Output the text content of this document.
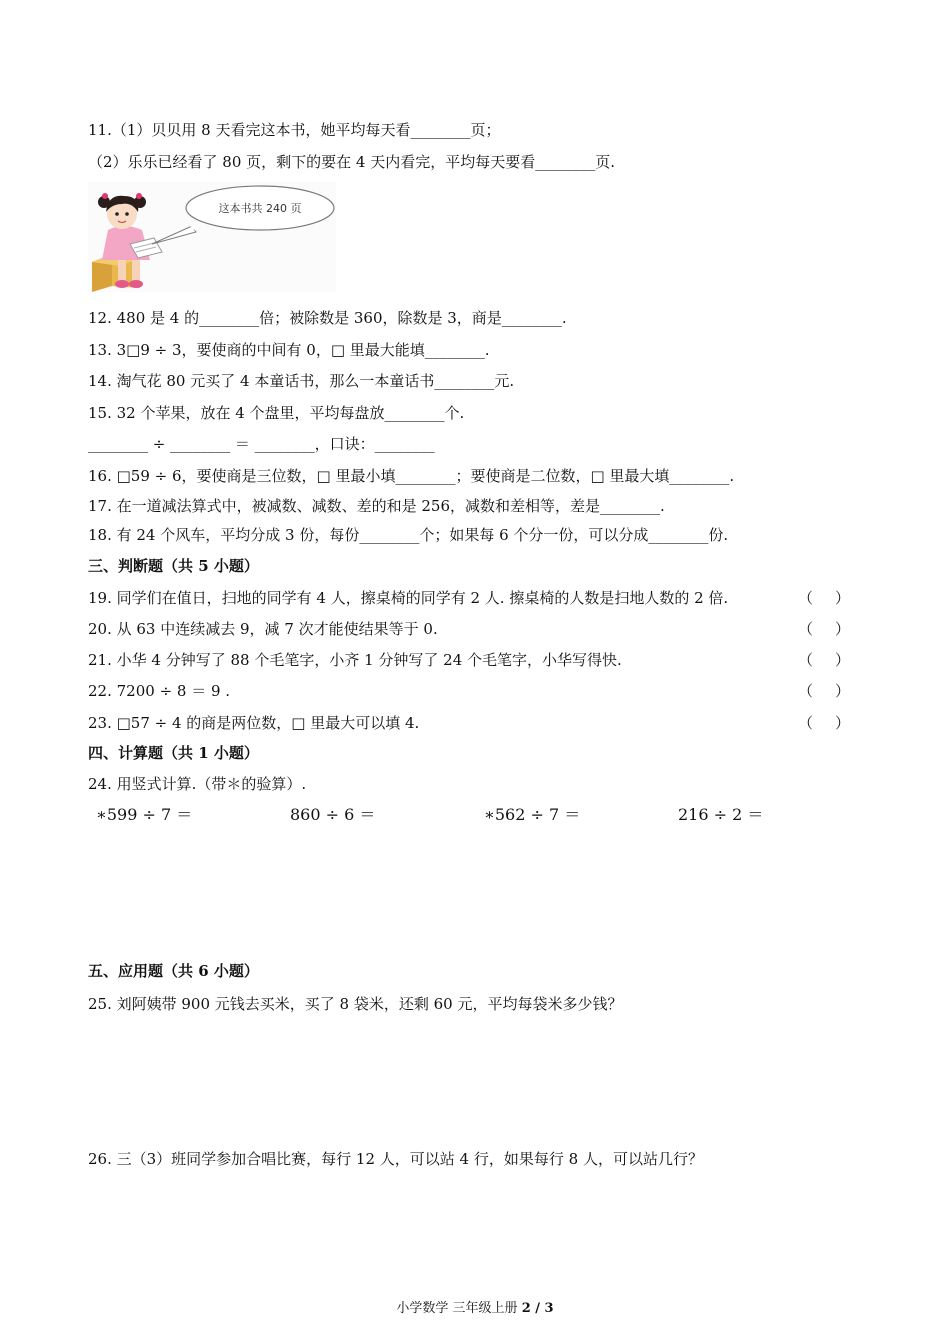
11.（1）贝贝用 8 天看完这本书，她平均每天看________页；
（2）乐乐已经看了 80 页，剩下的要在 4 天内看完，平均每天要看________页.
这本书共 240 页
12. 480 是 4 的________倍；被除数是 360，除数是 3，商是________.
13. 3□9 ÷ 3，要使商的中间有 0，□ 里最大能填________.
14. 淘气花 80 元买了 4 本童话书，那么一本童话书________元.
15. 32 个苹果，放在 4 个盘里，平均每盘放________个.
________ ÷ ________ ＝ ________，口诀：________
16. □59 ÷ 6，要使商是三位数，□ 里最小填________；要使商是二位数，□ 里最大填________.
17. 在一道减法算式中，被减数、减数、差的和是 256，减数和差相等，差是________.
18. 有 24 个风车，平均分成 3 份，每份________个；如果每 6 个分一份，可以分成________份.
三、判断题（共 5 小题）
19. 同学们在值日，扫地的同学有 4 人，擦桌椅的同学有 2 人. 擦桌椅的人数是扫地人数的 2 倍.	（ ）
20. 从 63 中连续减去 9，减 7 次才能使结果等于 0.	（ ）
21. 小华 4 分钟写了 88 个毛笔字，小齐 1 分钟写了 24 个毛笔字，小华写得快.	（ ）
22. 7200 ÷ 8 ＝ 9 .	（ ）
23. □57 ÷ 4 的商是两位数，□ 里最大可以填 4.	（ ）
四、计算题（共 1 小题）
24. 用竖式计算.（带＊的验算）.
∗599 ÷ 7 ＝	860 ÷ 6 ＝	∗562 ÷ 7 ＝	216 ÷ 2 ＝
五、应用题（共 6 小题）
25. 刘阿姨带 900 元钱去买米，买了 8 袋米，还剩 60 元，平均每袋米多少钱？
26. 三（3）班同学参加合唱比赛，每行 12 人，可以站 4 行，如果每行 8 人，可以站几行？
小学数学 三年级上册 2 / 3
